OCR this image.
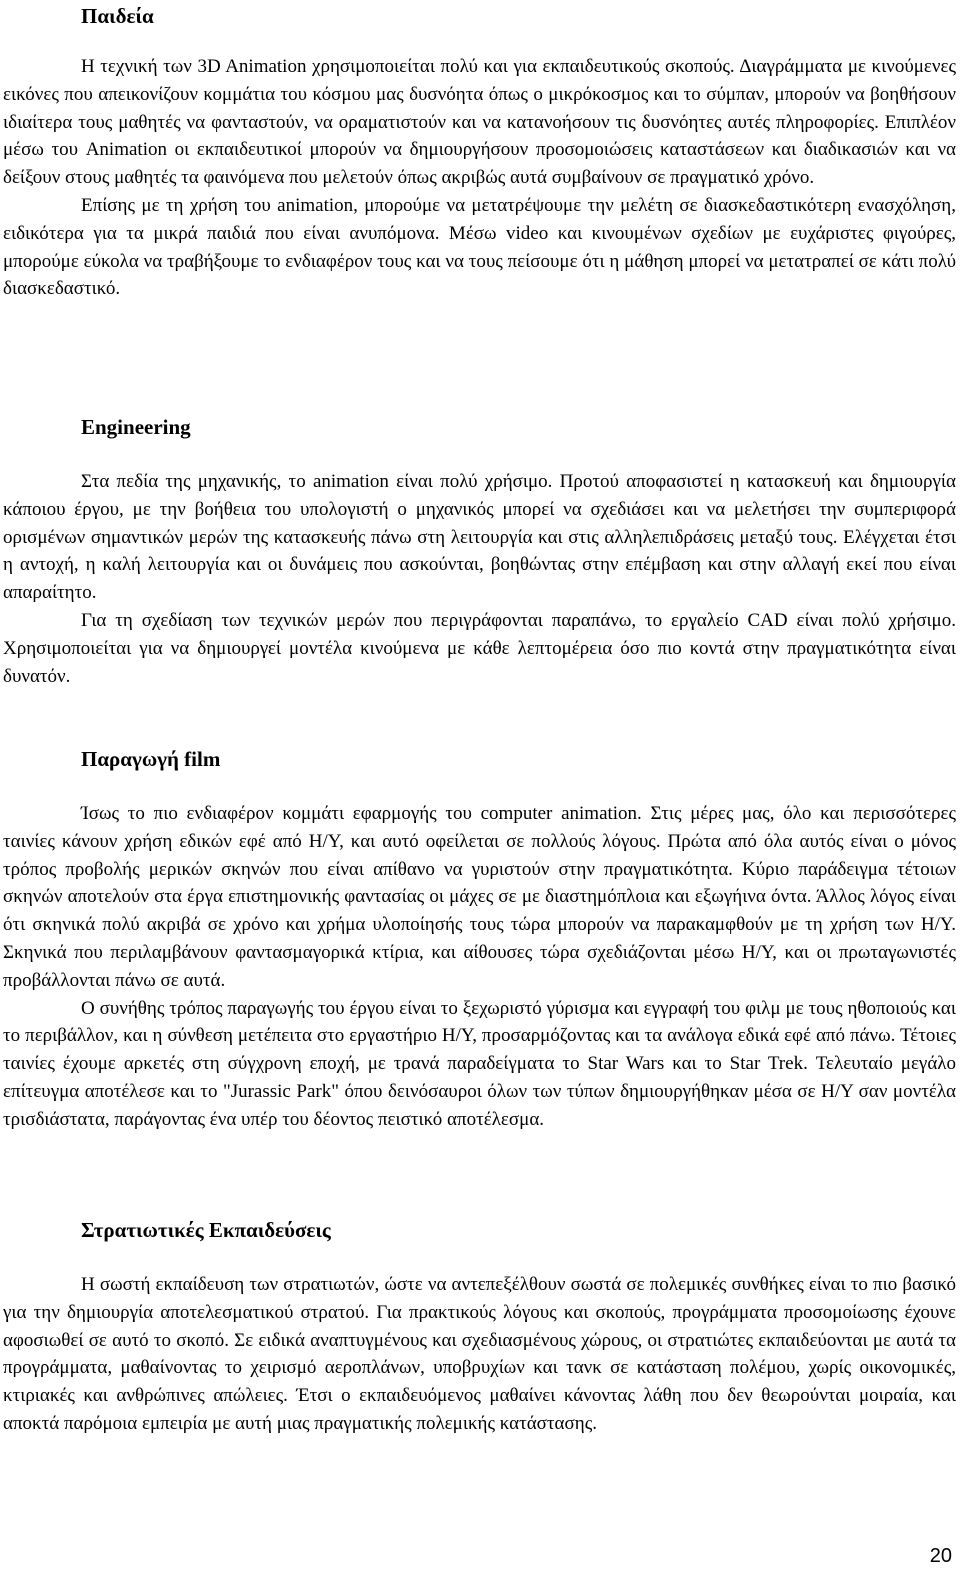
Παιδεία

Η τεχνική των 3D Animation χρησιμοποιείται πολύ και για εκπαιδευτικούς σκοπούς. Διαγράμματα με κινούμενες εικόνες που απεικονίζουν κομμάτια του κόσμου μας δυσνόητα όπως ο μικρόκοσμος και το σύμπαν, μπορούν να βοηθήσουν ιδιαίτερα τους μαθητές να φανταστούν, να οραματιστούν και να κατανοήσουν τις δυσνόητες αυτές πληροφορίες. Επιπλέον μέσω του Animation οι εκπαιδευτικοί μπορούν να δημιουργήσουν προσομοιώσεις καταστάσεων και διαδικασιών και να δείξουν στους μαθητές τα φαινόμενα που μελετούν όπως ακριβώς αυτά συμβαίνουν σε πραγματικό χρόνο.

Επίσης με τη χρήση του animation, μπορούμε να μετατρέψουμε την μελέτη σε διασκεδαστικότερη ενασχόληση, ειδικότερα για τα μικρά παιδιά που είναι ανυπόμονα. Μέσω video και κινουμένων σχεδίων με ευχάριστες φιγούρες, μπορούμε εύκολα να τραβήξουμε το ενδιαφέρον τους και να τους πείσουμε ότι η μάθηση μπορεί να μετατραπεί σε κάτι πολύ διασκεδαστικό.

Engineering

Στα πεδία της μηχανικής, το animation είναι πολύ χρήσιμο. Προτού αποφασιστεί η κατασκευή και δημιουργία κάποιου έργου, με την βοήθεια του υπολογιστή ο μηχανικός μπορεί να σχεδιάσει και να μελετήσει την συμπεριφορά ορισμένων σημαντικών μερών της κατασκευής πάνω στη λειτουργία και στις αλληλεπιδράσεις μεταξύ τους. Ελέγχεται έτσι η αντοχή, η καλή λειτουργία και οι δυνάμεις που ασκούνται, βοηθώντας στην επέμβαση και στην αλλαγή εκεί που είναι απαραίτητο.

Για τη σχεδίαση των τεχνικών μερών που περιγράφονται παραπάνω, το εργαλείο CAD είναι πολύ χρήσιμο. Χρησιμοποιείται για να δημιουργεί μοντέλα κινούμενα με κάθε λεπτομέρεια όσο πιο κοντά στην πραγματικότητα είναι δυνατόν.

Παραγωγή film

Ίσως το πιο ενδιαφέρον κομμάτι εφαρμογής του computer animation. Στις μέρες μας, όλο και περισσότερες ταινίες κάνουν χρήση εδικών εφέ από Η/Υ, και αυτό οφείλεται σε πολλούς λόγους. Πρώτα από όλα αυτός είναι ο μόνος τρόπος προβολής μερικών σκηνών που είναι απίθανο να γυριστούν στην πραγματικότητα. Κύριο παράδειγμα τέτοιων σκηνών αποτελούν στα έργα επιστημονικής φαντασίας οι μάχες σε με διαστημόπλοια και εξωγήινα όντα. Άλλος λόγος είναι ότι σκηνικά πολύ ακριβά σε χρόνο και χρήμα υλοποίησής τους τώρα μπορούν να παρακαμφθούν με τη χρήση των Η/Υ. Σκηνικά που περιλαμβάνουν φαντασμαγορικά κτίρια, και αίθουσες τώρα σχεδιάζονται μέσω Η/Υ, και οι πρωταγωνιστές προβάλλονται πάνω σε αυτά.

Ο συνήθης τρόπος παραγωγής του έργου είναι το ξεχωριστό γύρισμα και εγγραφή του φιλμ με τους ηθοποιούς και το περιβάλλον, και η σύνθεση μετέπειτα στο εργαστήριο Η/Υ, προσαρμόζοντας και τα ανάλογα εδικά εφέ από πάνω. Τέτοιες ταινίες έχουμε αρκετές στη σύγχρονη εποχή, με τρανά παραδείγματα το Star Wars και το Star Trek. Τελευταίο μεγάλο επίτευγμα αποτέλεσε και το "Jurassic Park" όπου δεινόσαυροι όλων των τύπων δημιουργήθηκαν μέσα σε Η/Υ σαν μοντέλα τρισδιάστατα, παράγοντας ένα υπέρ του δέοντος πειστικό αποτέλεσμα.

Στρατιωτικές Εκπαιδεύσεις

Η σωστή εκπαίδευση των στρατιωτών, ώστε να αντεπεξέλθουν σωστά σε πολεμικές συνθήκες είναι το πιο βασικό για την δημιουργία αποτελεσματικού στρατού. Για πρακτικούς λόγους και σκοπούς, προγράμματα προσομοίωσης έχουνε αφοσιωθεί σε αυτό το σκοπό. Σε ειδικά αναπτυγμένους και σχεδιασμένους χώρους, οι στρατιώτες εκπαιδεύονται με αυτά τα προγράμματα, μαθαίνοντας το χειρισμό αεροπλάνων, υποβρυχίων και τανκ σε κατάσταση πολέμου, χωρίς οικονομικές, κτιριακές και ανθρώπινες απώλειες. Έτσι ο εκπαιδευόμενος μαθαίνει κάνοντας λάθη που δεν θεωρούνται μοιραία, και αποκτά παρόμοια εμπειρία με αυτή μιας πραγματικής πολεμικής κατάστασης.

20
